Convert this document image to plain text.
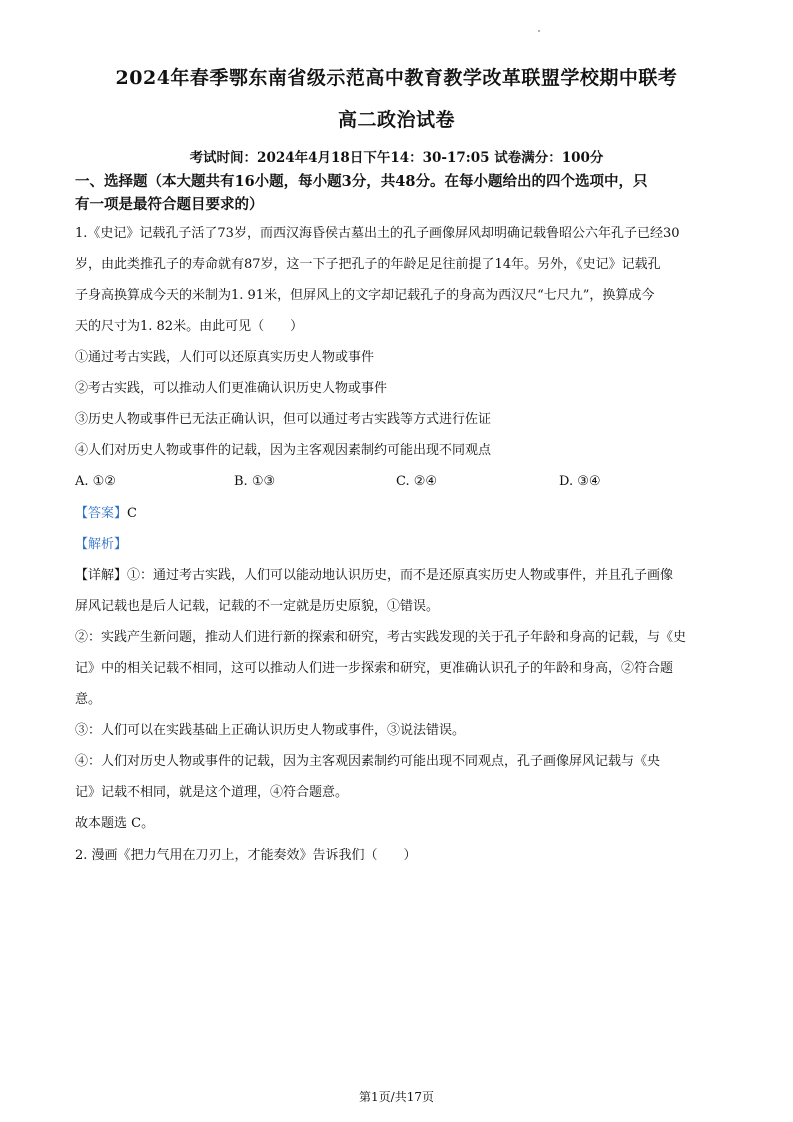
2024年春季鄂东南省级示范高中教育教学改革联盟学校期中联考
高二政治试卷
考试时间：2024年4月18日下午14：30-17:05 试卷满分：100分
一、选择题（本大题共有16小题，每小题3分，共48分。在每小题给出的四个选项中，只
有一项是最符合题目要求的）
1.《史记》记载孔子活了73岁，而西汉海昏侯古墓出土的孔子画像屏风却明确记载鲁昭公六年孔子已经30
岁，由此类推孔子的寿命就有87岁，这一下子把孔子的年龄足足往前提了14年。另外，《史记》记载孔
子身高换算成今天的米制为1. 91米，但屏风上的文字却记载孔子的身高为西汉尺“七尺九”，换算成今
天的尺寸为1. 82米。由此可见（　　）
①通过考古实践，人们可以还原真实历史人物或事件
②考古实践，可以推动人们更准确认识历史人物或事件
③历史人物或事件已无法正确认识，但可以通过考古实践等方式进行佐证
④人们对历史人物或事件的记载，因为主客观因素制约可能出现不同观点
A. ①②	B. ①③	C. ②④	D. ③④
【答案】C
【解析】
【详解】①：通过考古实践，人们可以能动地认识历史，而不是还原真实历史人物或事件，并且孔子画像
屏风记载也是后人记载，记载的不一定就是历史原貌，①错误。
②：实践产生新问题，推动人们进行新的探索和研究，考古实践发现的关于孔子年龄和身高的记载，与《史
记》中的相关记载不相同，这可以推动人们进一步探索和研究，更准确认识孔子的年龄和身高，②符合题
意。
③：人们可以在实践基础上正确认识历史人物或事件，③说法错误。
④：人们对历史人物或事件的记载，因为主客观因素制约可能出现不同观点，孔子画像屏风记载与《央
记》记载不相同，就是这个道理，④符合题意。
故本题选 C。
2. 漫画《把力气用在刀刃上，才能奏效》告诉我们（　　）
第1页/共17页
